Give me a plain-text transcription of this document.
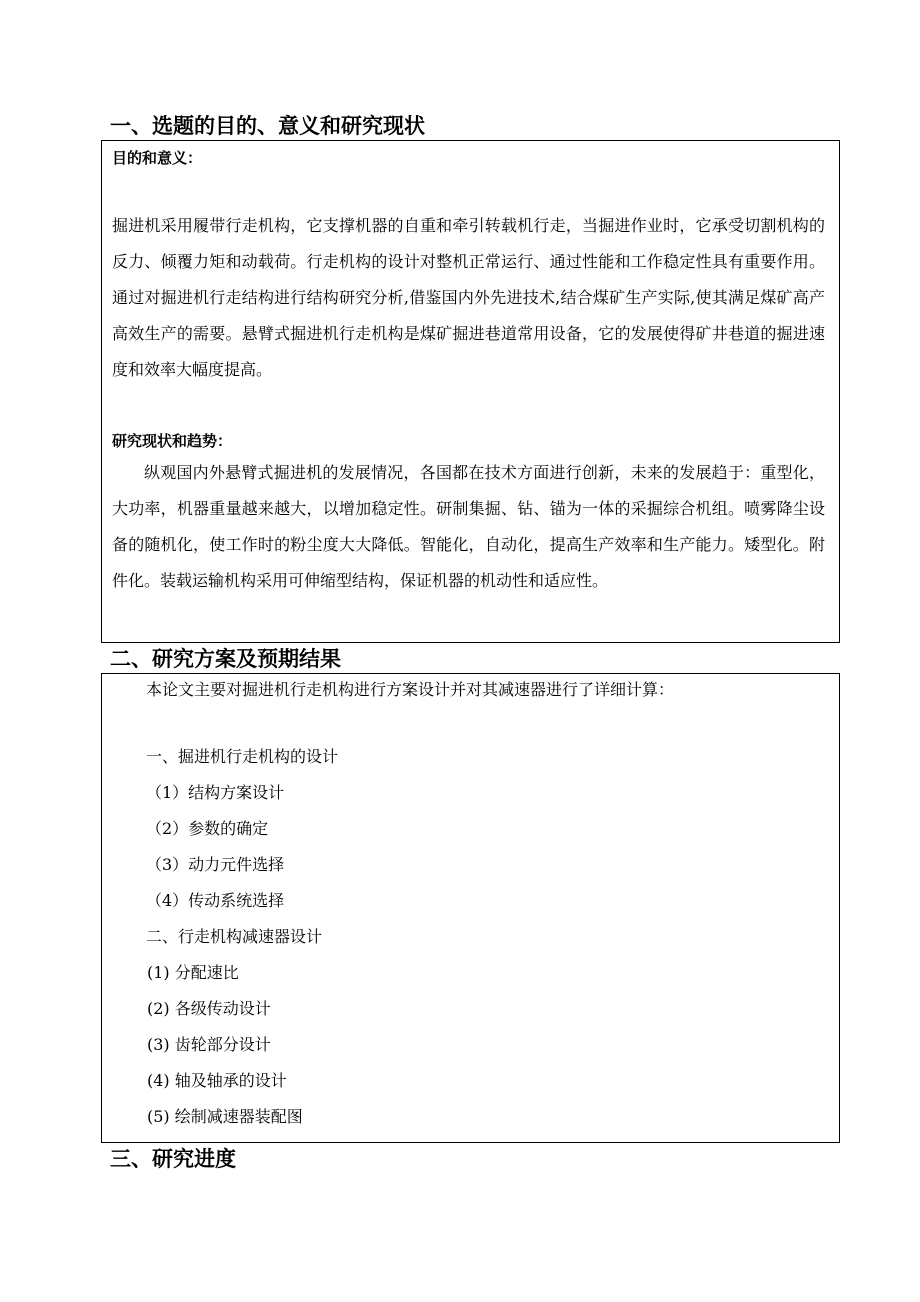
一、选题的目的、意义和研究现状
目的和意义：
掘进机采用履带行走机构，它支撑机器的自重和牵引转载机行走，当掘进作业时，它承受切割机构的反力、倾覆力矩和动载荷。行走机构的设计对整机正常运行、通过性能和工作稳定性具有重要作用。通过对掘进机行走结构进行结构研究分析,借鉴国内外先进技术,结合煤矿生产实际,使其满足煤矿高产高效生产的需要。悬臂式掘进机行走机构是煤矿掘进巷道常用设备，它的发展使得矿井巷道的掘进速度和效率大幅度提高。
研究现状和趋势：
纵观国内外悬臂式掘进机的发展情况，各国都在技术方面进行创新，未来的发展趋于：重型化，大功率，机器重量越来越大，以增加稳定性。研制集掘、钻、锚为一体的采掘综合机组。喷雾降尘设备的随机化，使工作时的粉尘度大大降低。智能化，自动化，提高生产效率和生产能力。矮型化。附件化。装载运输机构采用可伸缩型结构，保证机器的机动性和适应性。
二、研究方案及预期结果
本论文主要对掘进机行走机构进行方案设计并对其减速器进行了详细计算：
一、掘进机行走机构的设计
（1）结构方案设计
（2）参数的确定
（3）动力元件选择
（4）传动系统选择
二、行走机构减速器设计
(1) 分配速比
(2) 各级传动设计
(3) 齿轮部分设计
(4) 轴及轴承的设计
(5) 绘制减速器装配图
三、研究进度
